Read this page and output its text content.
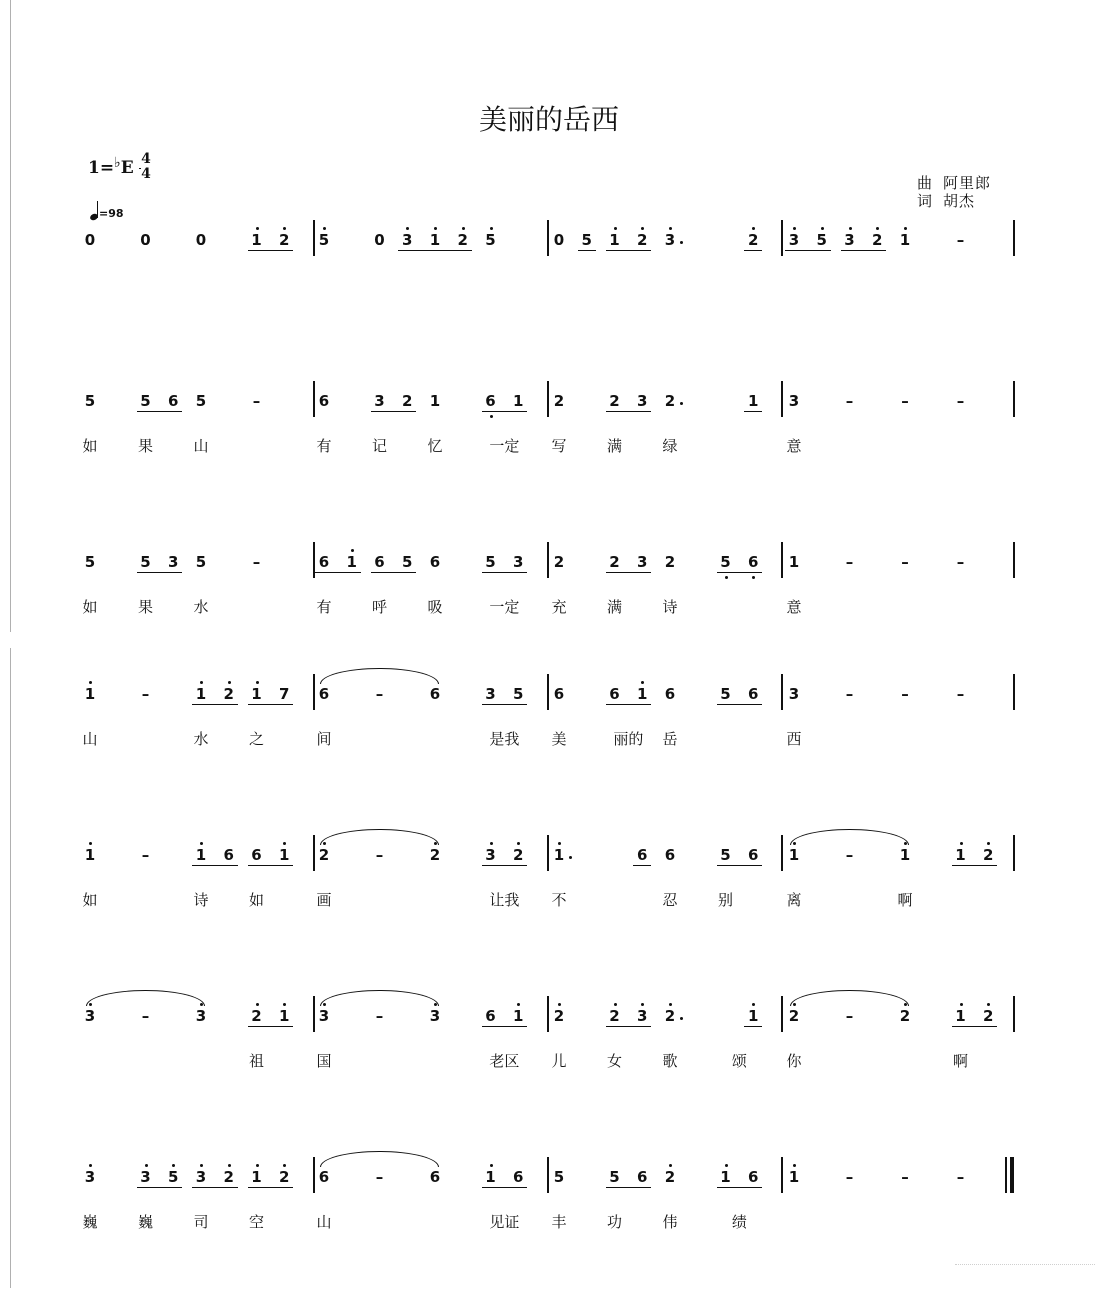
美丽的岳西
1=♭E 4
4
=98
曲 阿里郎
词 胡杰
0	0	0	1 2 5	0 3 1 2 5	0 5 1 2 3	2 3 5 3 2 1	–
5	5 6 5	–	6	3 2 1	6 1 2	2 3 2	1 3	–	–	–
如	果	山	有	记	忆	一定	写	满	绿	意
5	5 3 5	–	6 1 6 5 6	5 3 2	2 3 2	5 6 1	–	–	–
如	果	水	有	呼	吸	一定	充	满	诗	意
1	–	1 2 1 7 6	–	6	3 5 6	6 1 6	5 6 3	–	–	–
山	水	之	间	是我	美	丽的	岳	西
1	–	1 6 6 1 2	–	2	3 2 1	6 6	5 6 1	–	1	1 2
如	诗	如	画	让我	不	忍	别	离	啊
3	–	3	2 1 3	–	3	6 1 2	2 3 2	1 2	–	2	1 2
祖	国	老区	儿	女	歌	颂	你	啊
3	3 5 3 2 1 2 6	–	6	1 6 5	5 6 2	1 6 1	–	–	–
巍	巍	司	空	山	见证	丰	功	伟	绩
